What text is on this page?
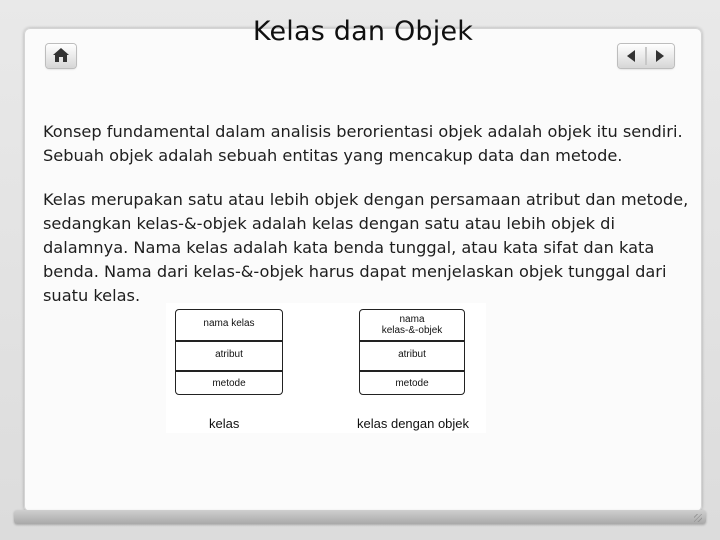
Kelas dan Objek
Konsep fundamental dalam analisis berorientasi objek adalah objek itu sendiri. Sebuah objek adalah sebuah entitas yang mencakup data dan metode.
Kelas merupakan satu atau lebih objek dengan persamaan atribut dan metode, sedangkan kelas-&-objek adalah kelas dengan satu atau lebih objek di dalamnya. Nama kelas adalah kata benda tunggal, atau kata sifat dan kata benda. Nama dari kelas-&-objek harus dapat menjelaskan objek tunggal dari suatu kelas.
nama kelas
atribut
metode
kelas
nama
kelas-&-objek
atribut
metode
kelas dengan objek
